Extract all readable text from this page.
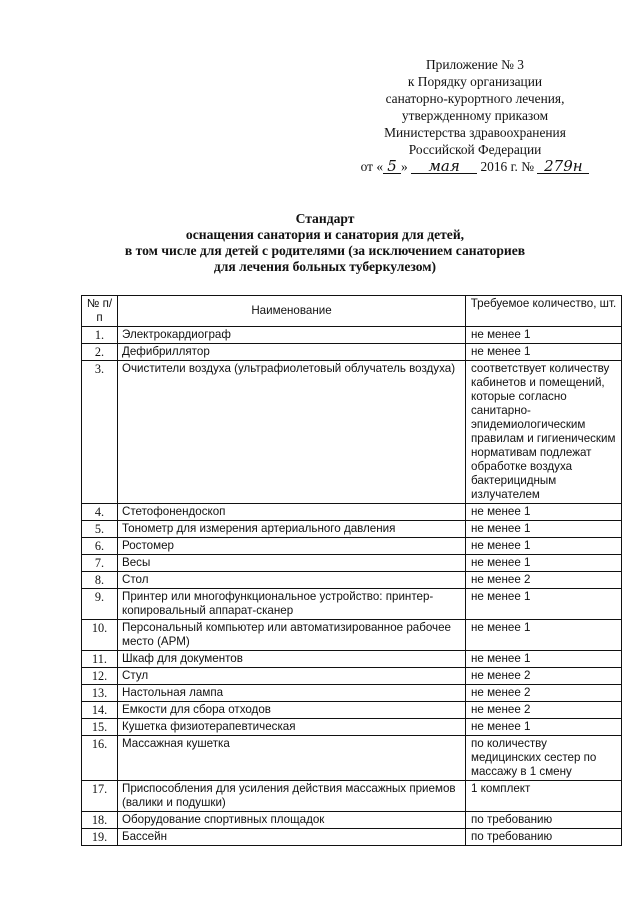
Приложение № 3
к Порядку организации
санаторно-курортного лечения,
утвержденному приказом
Министерства здравоохранения
Российской Федерации
от « 5 » мая 2016 г. № 279н
Стандарт
оснащения санатория и санатория для детей,
в том числе для детей с родителями (за исключением санаториев
для лечения больных туберкулезом)
№ п/п	Наименование	Требуемое количество, шт.
1.	Электрокардиограф	не менее 1
2.	Дефибриллятор	не менее 1
3.	Очистители воздуха (ультрафиолетовый облучатель воздуха)	соответствует количеству кабинетов и помещений, которые согласно санитарно-эпидемиологическим правилам и гигиеническим нормативам подлежат обработке воздуха бактерицидным излучателем
4.	Стетофонендоскоп	не менее 1
5.	Тонометр для измерения артериального давления	не менее 1
6.	Ростомер	не менее 1
7.	Весы	не менее 1
8.	Стол	не менее 2
9.	Принтер или многофункциональное устройство: принтер-копировальный аппарат-сканер	не менее 1
10.	Персональный компьютер или автоматизированное рабочее место (АРМ)	не менее 1
11.	Шкаф для документов	не менее 1
12.	Стул	не менее 2
13.	Настольная лампа	не менее 2
14.	Емкости для сбора отходов	не менее 2
15.	Кушетка физиотерапевтическая	не менее 1
16.	Массажная кушетка	по количеству медицинских сестер по массажу в 1 смену
17.	Приспособления для усиления действия массажных приемов (валики и подушки)	1 комплект
18.	Оборудование спортивных площадок	по требованию
19.	Бассейн	по требованию
